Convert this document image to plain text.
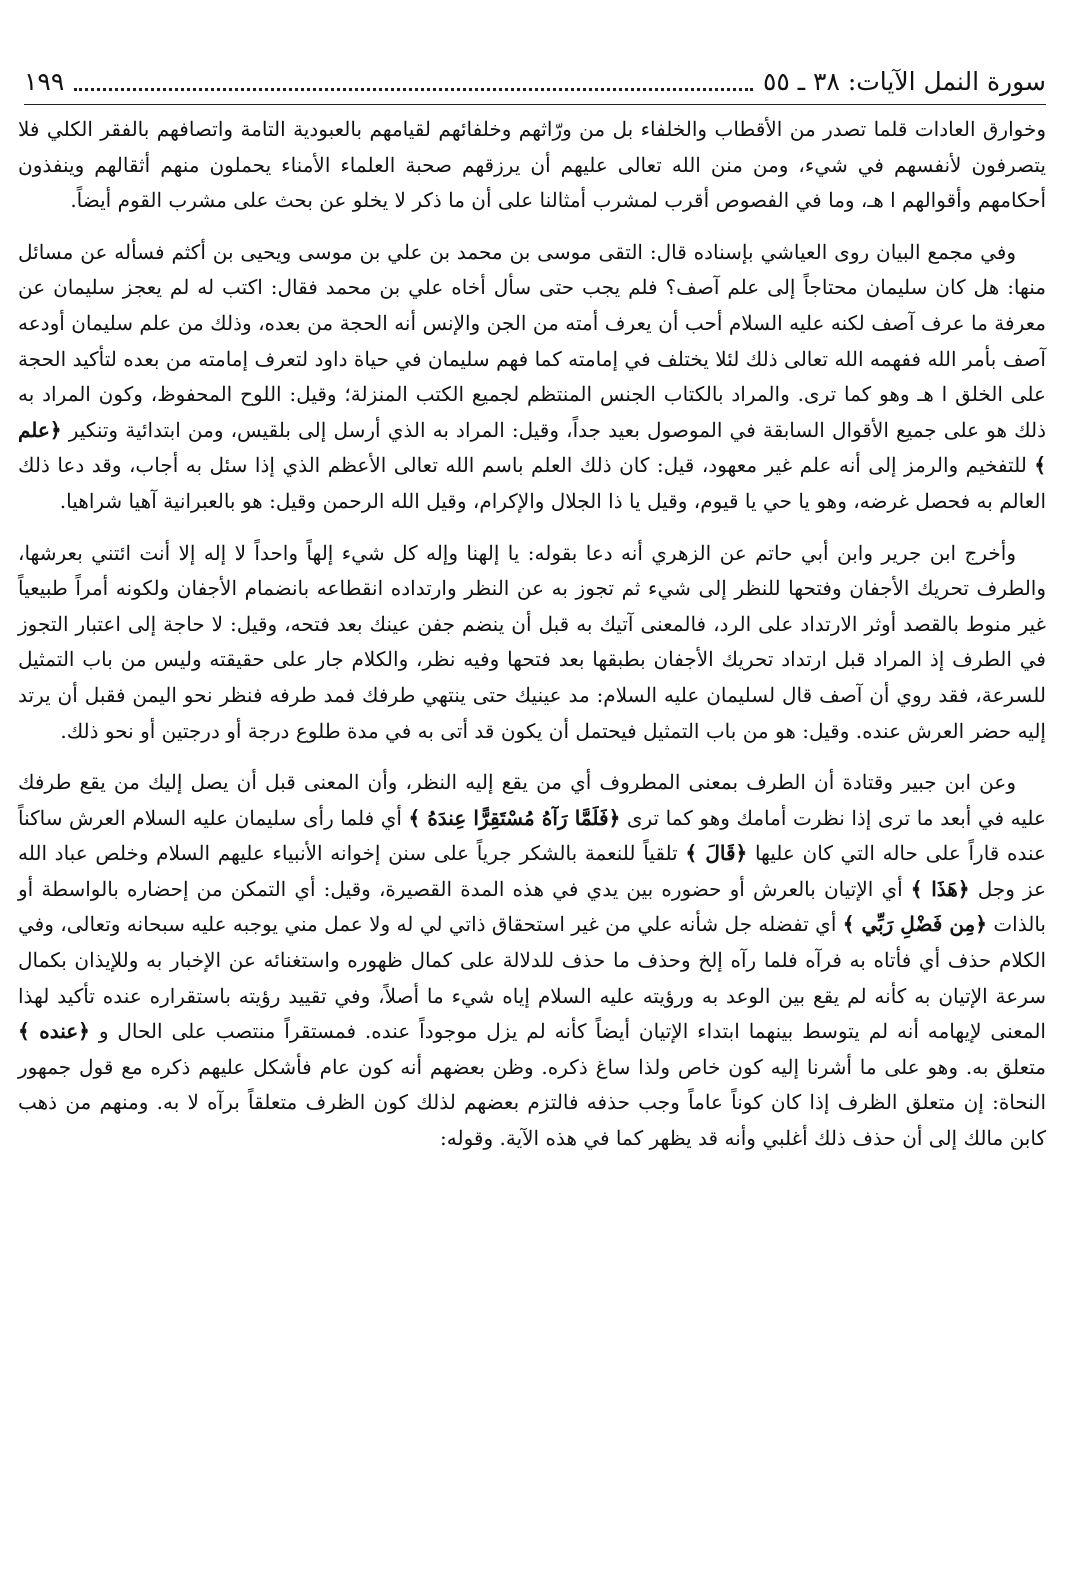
سورة النمل الآيات: ٣٨ ـ ٥٥
١٩٩

وخوارق العادات قلما تصدر من الأقطاب والخلفاء بل من ورّاثهم وخلفائهم لقيامهم بالعبودية التامة واتصافهم بالفقر الكلي فلا يتصرفون لأنفسهم في شيء، ومن منن الله تعالى عليهم أن يرزقهم صحبة العلماء الأمناء يحملون منهم أثقالهم وينفذون أحكامهم وأقوالهم ا هـ، وما في الفصوص أقرب لمشرب أمثالنا على أن ما ذكر لا يخلو عن بحث على مشرب القوم أيضاً.

وفي مجمع البيان روى العياشي بإسناده قال: التقى موسى بن محمد بن علي بن موسى ويحيى بن أكثم فسأله عن مسائل منها: هل كان سليمان محتاجاً إلى علم آصف؟ فلم يجب حتى سأل أخاه علي بن محمد فقال: اكتب له لم يعجز سليمان عن معرفة ما عرف آصف لكنه عليه السلام أحب أن يعرف أمته من الجن والإنس أنه الحجة من بعده، وذلك من علم سليمان أودعه آصف بأمر الله ففهمه الله تعالى ذلك لئلا يختلف في إمامته كما فهم سليمان في حياة داود لتعرف إمامته من بعده لتأكيد الحجة على الخلق ا هـ وهو كما ترى. والمراد بالكتاب الجنس المنتظم لجميع الكتب المنزلة؛ وقيل: اللوح المحفوظ، وكون المراد به ذلك هو على جميع الأقوال السابقة في الموصول بعيد جداً، وقيل: المراد به الذي أرسل إلى بلقيس، ومن ابتدائية وتنكير ﴿علم ﴾ للتفخيم والرمز إلى أنه علم غير معهود، قيل: كان ذلك العلم باسم الله تعالى الأعظم الذي إذا سئل به أجاب، وقد دعا ذلك العالم به فحصل غرضه، وهو يا حي يا قيوم، وقيل يا ذا الجلال والإكرام، وقيل الله الرحمن وقيل: هو بالعبرانية آهيا شراهيا.

وأخرج ابن جرير وابن أبي حاتم عن الزهري أنه دعا بقوله: يا إلهنا وإله كل شيء إلهاً واحداً لا إله إلا أنت ائتني بعرشها، والطرف تحريك الأجفان وفتحها للنظر إلى شيء ثم تجوز به عن النظر وارتداده انقطاعه بانضمام الأجفان ولكونه أمراً طبيعياً غير منوط بالقصد أوثر الارتداد على الرد، فالمعنى آتيك به قبل أن ينضم جفن عينك بعد فتحه، وقيل: لا حاجة إلى اعتبار التجوز في الطرف إذ المراد قبل ارتداد تحريك الأجفان بطبقها بعد فتحها وفيه نظر، والكلام جار على حقيقته وليس من باب التمثيل للسرعة، فقد روي أن آصف قال لسليمان عليه السلام: مد عينيك حتى ينتهي طرفك فمد طرفه فنظر نحو اليمن فقبل أن يرتد إليه حضر العرش عنده. وقيل: هو من باب التمثيل فيحتمل أن يكون قد أتى به في مدة طلوع درجة أو درجتين أو نحو ذلك.

وعن ابن جبير وقتادة أن الطرف بمعنى المطروف أي من يقع إليه النظر، وأن المعنى قبل أن يصل إليك من يقع طرفك عليه في أبعد ما ترى إذا نظرت أمامك وهو كما ترى ﴿فَلَمَّا رَآهُ مُسْتَقِرًّا عِندَهُ ﴾ أي فلما رأى سليمان عليه السلام العرش ساكناً عنده قاراً على حاله التي كان عليها ﴿قَالَ ﴾ تلقياً للنعمة بالشكر جرياً على سنن إخوانه الأنبياء عليهم السلام وخلص عباد الله عز وجل ﴿هَذَا ﴾ أي الإتيان بالعرش أو حضوره بين يدي في هذه المدة القصيرة، وقيل: أي التمكن من إحضاره بالواسطة أو بالذات ﴿مِن فَضْلِ رَبِّي ﴾ أي تفضله جل شأنه علي من غير استحقاق ذاتي لي له ولا عمل مني يوجبه عليه سبحانه وتعالى، وفي الكلام حذف أي فأتاه به فرآه فلما رآه إلخ وحذف ما حذف للدلالة على كمال ظهوره واستغنائه عن الإخبار به وللإيذان بكمال سرعة الإتيان به كأنه لم يقع بين الوعد به ورؤيته عليه السلام إياه شيء ما أصلاً، وفي تقييد رؤيته باستقراره عنده تأكيد لهذا المعنى لإيهامه أنه لم يتوسط بينهما ابتداء الإتيان أيضاً كأنه لم يزل موجوداً عنده. فمستقراً منتصب على الحال و ﴿عنده ﴾ متعلق به. وهو على ما أشرنا إليه كون خاص ولذا ساغ ذكره. وظن بعضهم أنه كون عام فأشكل عليهم ذكره مع قول جمهور النحاة: إن متعلق الظرف إذا كان كوناً عاماً وجب حذفه فالتزم بعضهم لذلك كون الظرف متعلقاً برآه لا به. ومنهم من ذهب كابن مالك إلى أن حذف ذلك أغلبي وأنه قد يظهر كما في هذه الآية. وقوله:
